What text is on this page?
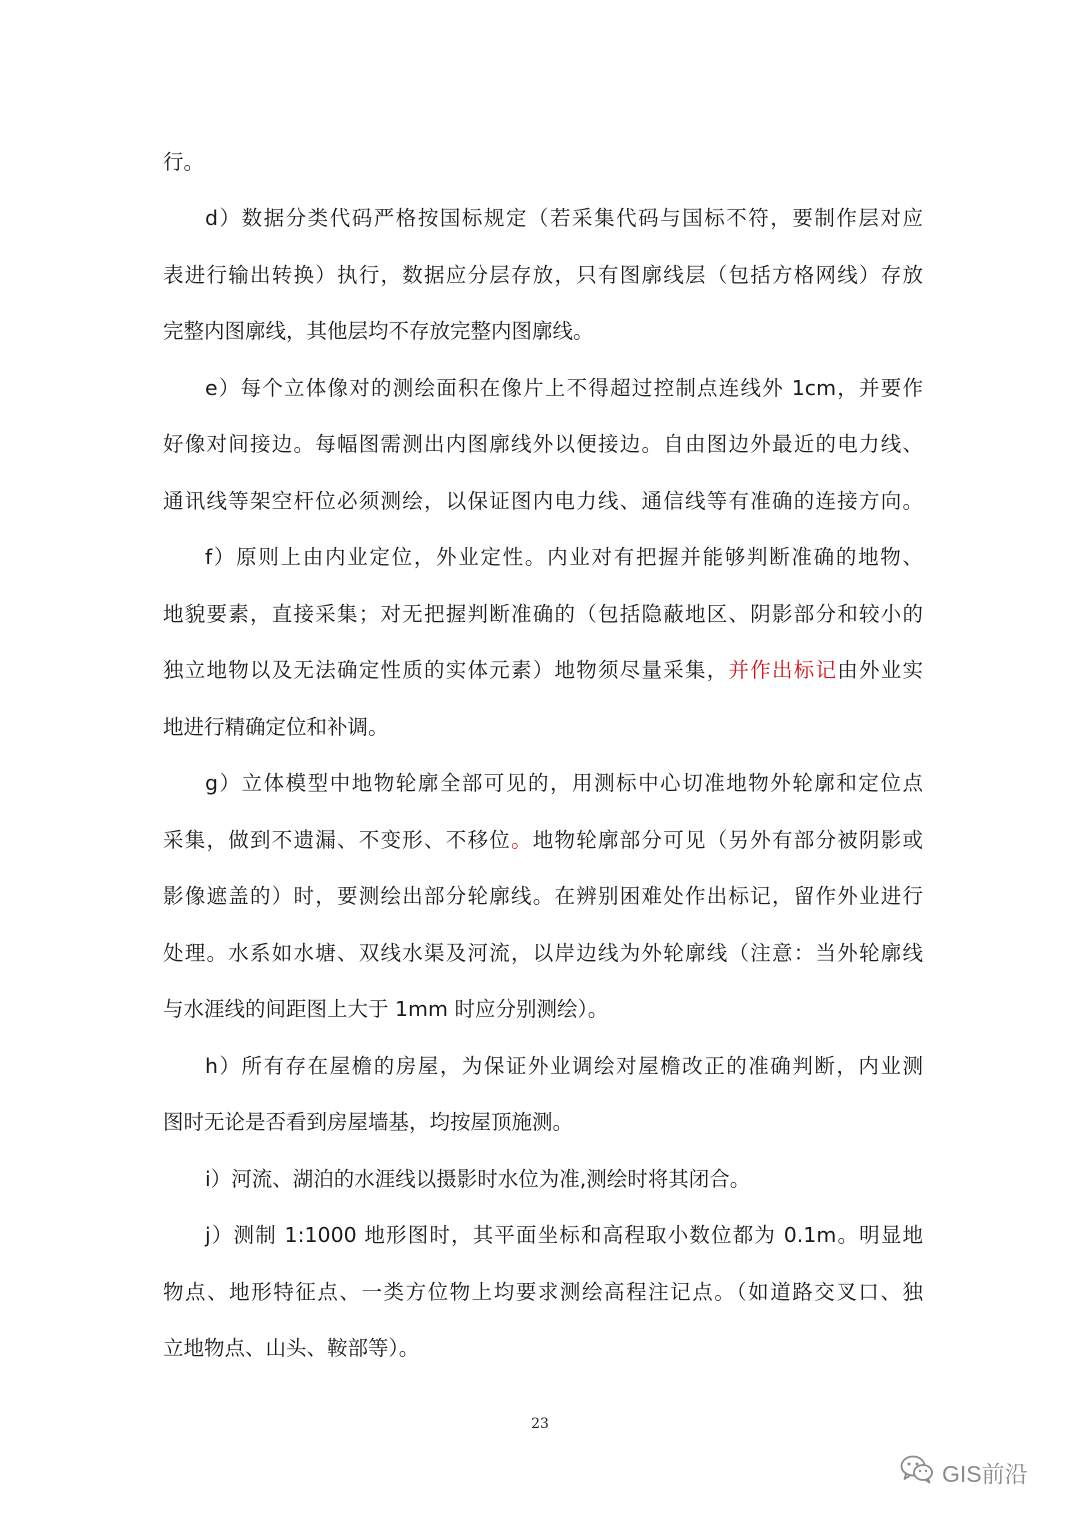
行。
d）数据分类代码严格按国标规定（若采集代码与国标不符，要制作层对应
表进行输出转换）执行，数据应分层存放，只有图廓线层（包括方格网线）存放
完整内图廓线，其他层均不存放完整内图廓线。
e）每个立体像对的测绘面积在像片上不得超过控制点连线外 1cm，并要作
好像对间接边。每幅图需测出内图廓线外以便接边。自由图边外最近的电力线、
通讯线等架空杆位必须测绘，以保证图内电力线、通信线等有准确的连接方向。
f）原则上由内业定位，外业定性。内业对有把握并能够判断准确的地物、
地貌要素，直接采集；对无把握判断准确的（包括隐蔽地区、阴影部分和较小的
独立地物以及无法确定性质的实体元素）地物须尽量采集，并作出标记由外业实
地进行精确定位和补调。
g）立体模型中地物轮廓全部可见的，用测标中心切准地物外轮廓和定位点
采集，做到不遗漏、不变形、不移位。地物轮廓部分可见（另外有部分被阴影或
影像遮盖的）时，要测绘出部分轮廓线。在辨别困难处作出标记，留作外业进行
处理。水系如水塘、双线水渠及河流，以岸边线为外轮廓线（注意：当外轮廓线
与水涯线的间距图上大于 1mm 时应分别测绘）。
h）所有存在屋檐的房屋，为保证外业调绘对屋檐改正的准确判断，内业测
图时无论是否看到房屋墙基，均按屋顶施测。
i）河流、湖泊的水涯线以摄影时水位为准,测绘时将其闭合。
j）测制 1:1000 地形图时，其平面坐标和高程取小数位都为 0.1m。明显地
物点、地形特征点、一类方位物上均要求测绘高程注记点。（如道路交叉口、独
立地物点、山头、鞍部等）。
23
GIS前沿
